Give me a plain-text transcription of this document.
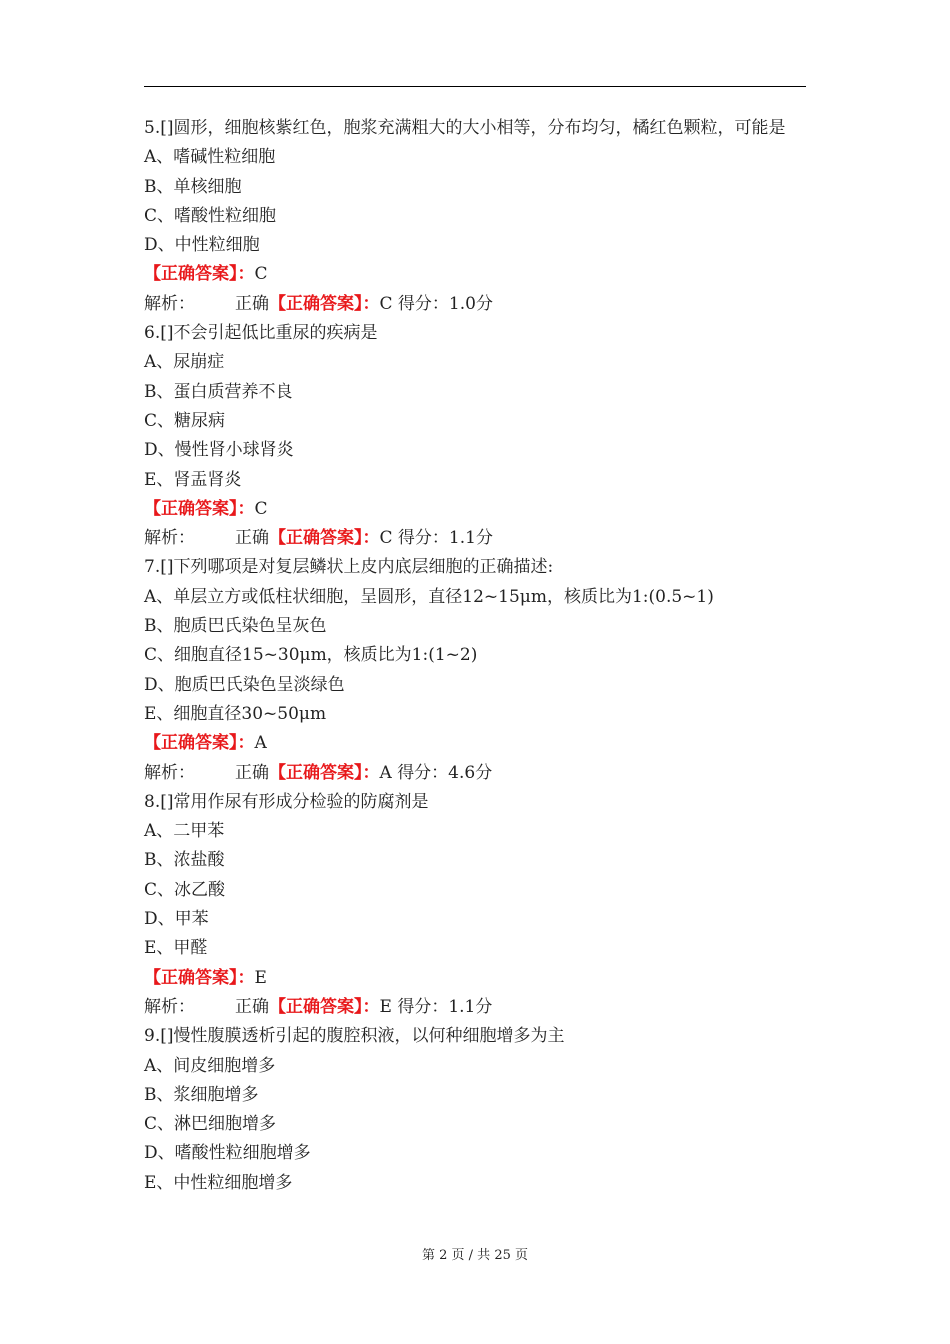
5.[]圆形，细胞核紫红色，胞浆充满粗大的大小相等，分布均匀，橘红色颗粒，可能是
A、嗜碱性粒细胞
B、单核细胞
C、嗜酸性粒细胞
D、中性粒细胞
【正确答案】：C
解析： 正确【正确答案】：C 得分：1.0分
6.[]不会引起低比重尿的疾病是
A、尿崩症
B、蛋白质营养不良
C、糖尿病
D、慢性肾小球肾炎
E、肾盂肾炎
【正确答案】：C
解析： 正确【正确答案】：C 得分：1.1分
7.[]下列哪项是对复层鳞状上皮内底层细胞的正确描述:
A、单层立方或低柱状细胞，呈圆形，直径12~15μm，核质比为1:(0.5~1)
B、胞质巴氏染色呈灰色
C、细胞直径15~30μm，核质比为1:(1~2)
D、胞质巴氏染色呈淡绿色
E、细胞直径30~50μm
【正确答案】：A
解析： 正确【正确答案】：A 得分：4.6分
8.[]常用作尿有形成分检验的防腐剂是
A、二甲苯
B、浓盐酸
C、冰乙酸
D、甲苯
E、甲醛
【正确答案】：E
解析： 正确【正确答案】：E 得分：1.1分
9.[]慢性腹膜透析引起的腹腔积液，以何种细胞增多为主
A、间皮细胞增多
B、浆细胞增多
C、淋巴细胞增多
D、嗜酸性粒细胞增多
E、中性粒细胞增多
第 2 页 / 共 25 页
